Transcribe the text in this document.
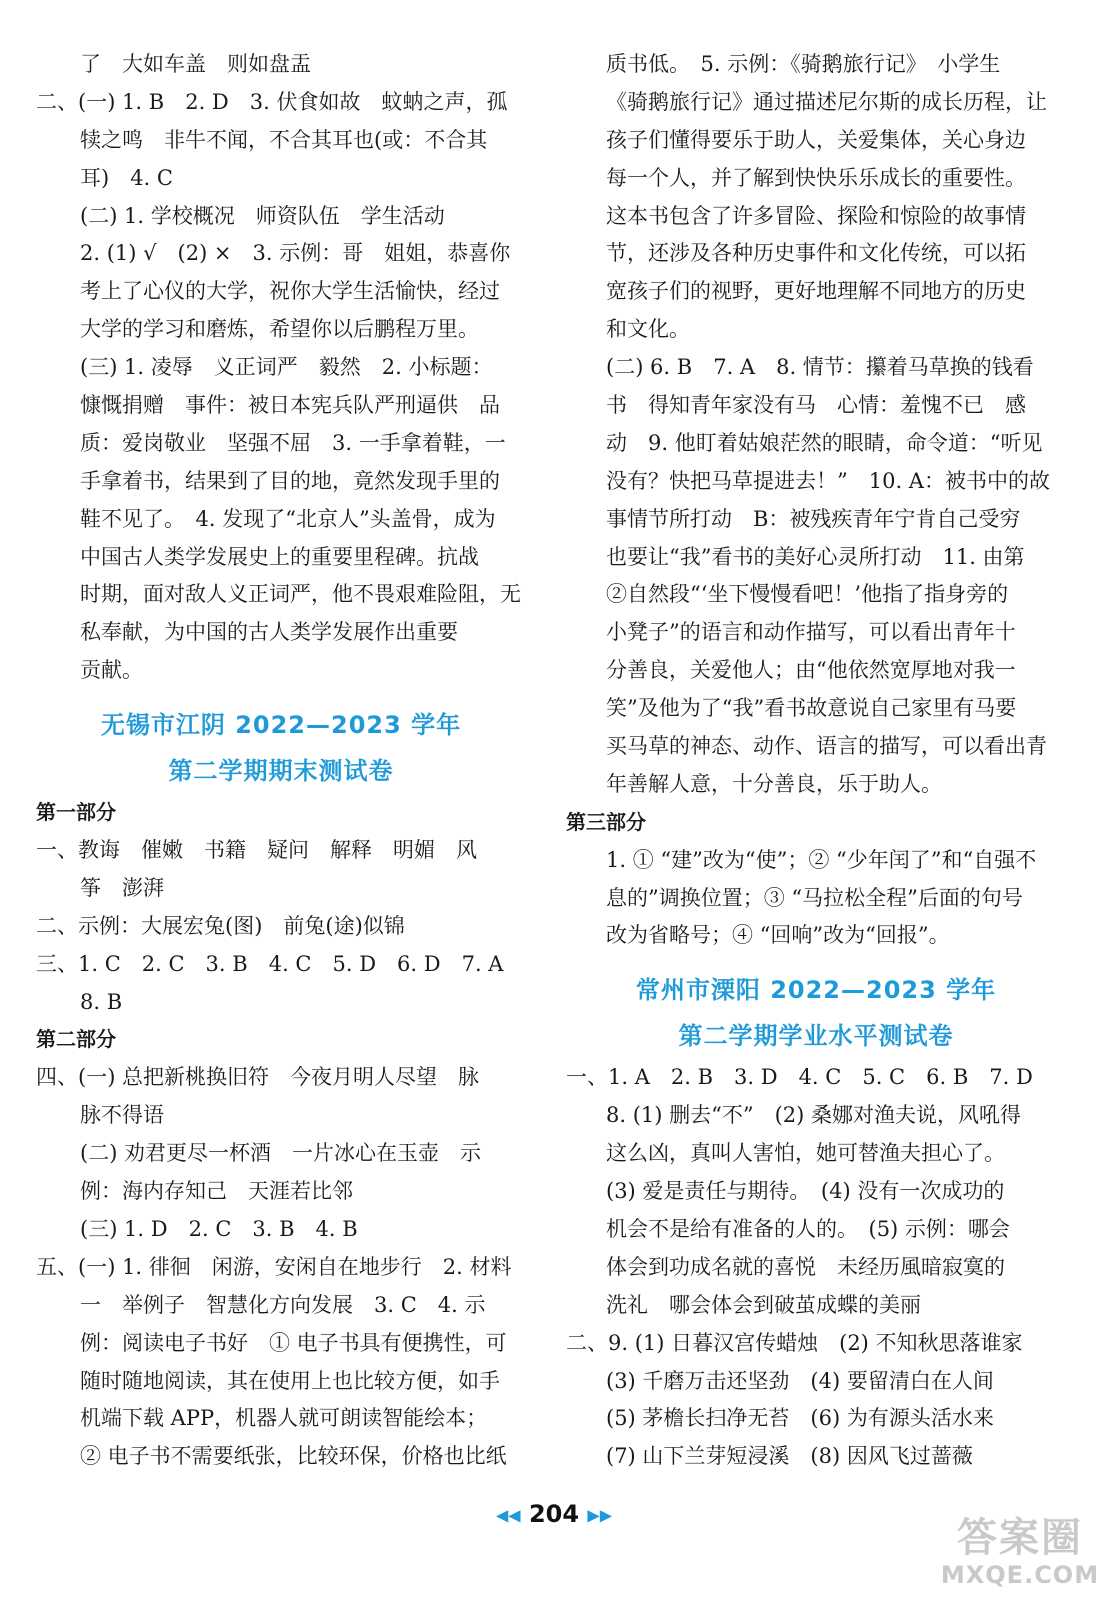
了　大如车盖　则如盘盂
二、(一) 1. B　2. D　3. 伏食如故　蚊蚋之声，孤
犊之鸣　非牛不闻，不合其耳也(或：不合其
耳)　4. C
(二) 1. 学校概况　师资队伍　学生活动
2. (1) √　(2) ×　3. 示例：哥　姐姐，恭喜你
考上了心仪的大学，祝你大学生活愉快，经过
大学的学习和磨炼，希望你以后鹏程万里。
(三) 1. 凌辱　义正词严　毅然　2. 小标题：
慷慨捐赠　事件：被日本宪兵队严刑逼供　品
质：爱岗敬业　坚强不屈　3. 一手拿着鞋，一
手拿着书，结果到了目的地，竟然发现手里的
鞋不见了。　4. 发现了“北京人”头盖骨，成为
中国古人类学发展史上的重要里程碑。抗战
时期，面对敌人义正词严，他不畏艰难险阻，无
私奉献，为中国的古人类学发展作出重要
贡献。
无锡市江阴 2022—2023 学年
第二学期期末测试卷
第一部分
一、教诲　催嫩　书籍　疑问　解释　明媚　风
筝　澎湃
二、示例：大展宏兔(图)　前兔(途)似锦
三、1. C　2. C　3. B　4. C　5. D　6. D　7. A
8. B
第二部分
四、(一) 总把新桃换旧符　今夜月明人尽望　脉
脉不得语
(二) 劝君更尽一杯酒　一片冰心在玉壶　示
例：海内存知己　天涯若比邻
(三) 1. D　2. C　3. B　4. B
五、(一) 1. 徘徊　闲游，安闲自在地步行　2. 材料
一　举例子　智慧化方向发展　3. C　4. 示
例：阅读电子书好　① 电子书具有便携性，可
随时随地阅读，其在使用上也比较方便，如手
机端下载 APP，机器人就可朗读智能绘本；
② 电子书不需要纸张，比较环保，价格也比纸
质书低。　5. 示例：《骑鹅旅行记》　小学生
《骑鹅旅行记》通过描述尼尔斯的成长历程，让
孩子们懂得要乐于助人，关爱集体，关心身边
每一个人，并了解到快快乐乐成长的重要性。
这本书包含了许多冒险、探险和惊险的故事情
节，还涉及各种历史事件和文化传统，可以拓
宽孩子们的视野，更好地理解不同地方的历史
和文化。
(二) 6. B　7. A　8. 情节：攥着马草换的钱看
书　得知青年家没有马　心情：羞愧不已　感
动　9. 他盯着姑娘茫然的眼睛，命令道：“听见
没有？快把马草提进去！”　10. A：被书中的故
事情节所打动　B：被残疾青年宁肯自己受穷
也要让“我”看书的美好心灵所打动　11. 由第
②自然段“‘坐下慢慢看吧！’他指了指身旁的
小凳子”的语言和动作描写，可以看出青年十
分善良，关爱他人；由“他依然宽厚地对我一
笑”及他为了“我”看书故意说自己家里有马要
买马草的神态、动作、语言的描写，可以看出青
年善解人意，十分善良，乐于助人。
第三部分
1. ① “建”改为“使”；② “少年闰了”和“自强不
息的”调换位置；③ “马拉松全程”后面的句号
改为省略号；④ “回响”改为“回报”。
常州市溧阳 2022—2023 学年
第二学期学业水平测试卷
一、1. A　2. B　3. D　4. C　5. C　6. B　7. D
8. (1) 删去“不”　(2) 桑娜对渔夫说，风吼得
这么凶，真叫人害怕，她可替渔夫担心了。
(3) 爱是责任与期待。　(4) 没有一次成功的
机会不是给有准备的人的。　(5) 示例：哪会
体会到功成名就的喜悦　未经历風暗寂寞的
洗礼　哪会体会到破茧成蝶的美丽
二、9. (1) 日暮汉宫传蜡烛　(2) 不知秋思落谁家
(3) 千磨万击还坚劲　(4) 要留清白在人间
(5) 茅檐长扫净无苔　(6) 为有源头活水来
(7) 山下兰芽短浸溪　(8) 因风飞过蔷薇
◀◀ 204 ▶▶	答案圈
MXQE.COM
